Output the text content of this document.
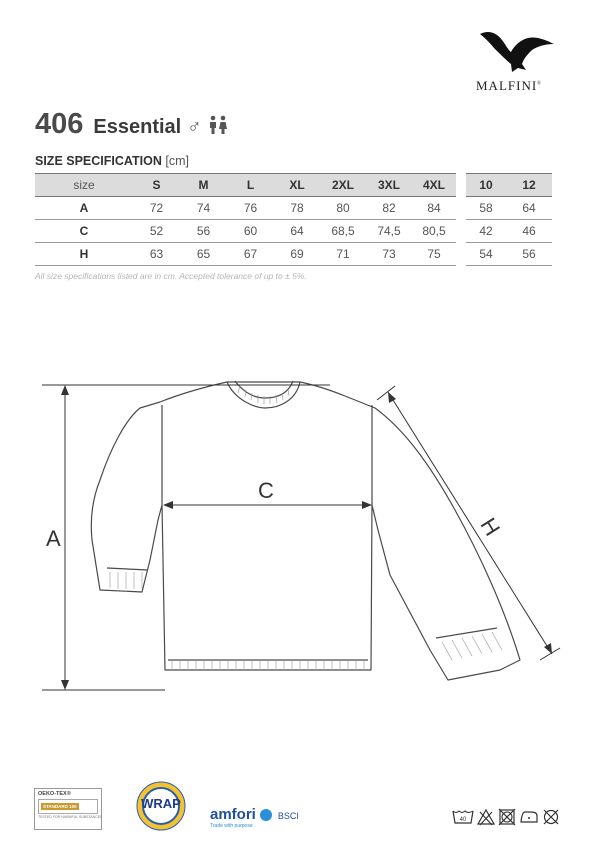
MALFINI®
406 Essential ♂
SIZE SPECIFICATION [cm]
size	S	M	L	XL	2XL	3XL	4XL		10	12
A	72	74	76	78	80	82	84		58	64
C	52	56	60	64	68,5	74,5	80,5		42	46
H	63	65	67	69	71	73	75		54	56
All size specifications listed are in cm. Accepted tolerance of up to ± 5%.
A
C
H
OEKO-TEX®
STANDARD 100
TESTED FOR HARMFUL SUBSTANCES
WRAP
amfori BSCI
Trade with purpose
40
